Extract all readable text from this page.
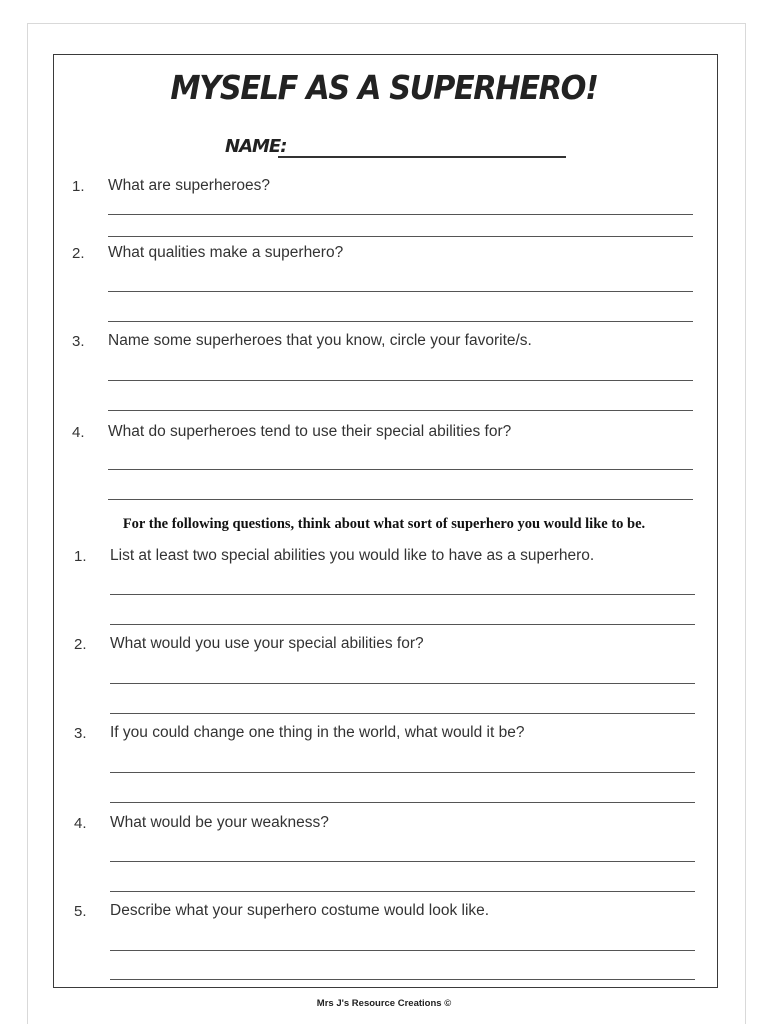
MYSELF AS A SUPERHERO!
NAME:
1. What are superheroes?
2. What qualities make a superhero?
3. Name some superheroes that you know, circle your favorite/s.
4. What do superheroes tend to use their special abilities for?
For the following questions, think about what sort of superhero you would like to be.
1. List at least two special abilities you would like to have as a superhero.
2. What would you use your special abilities for?
3. If you could change one thing in the world, what would it be?
4. What would be your weakness?
5. Describe what your superhero costume would look like.
Mrs J's Resource Creations ©
